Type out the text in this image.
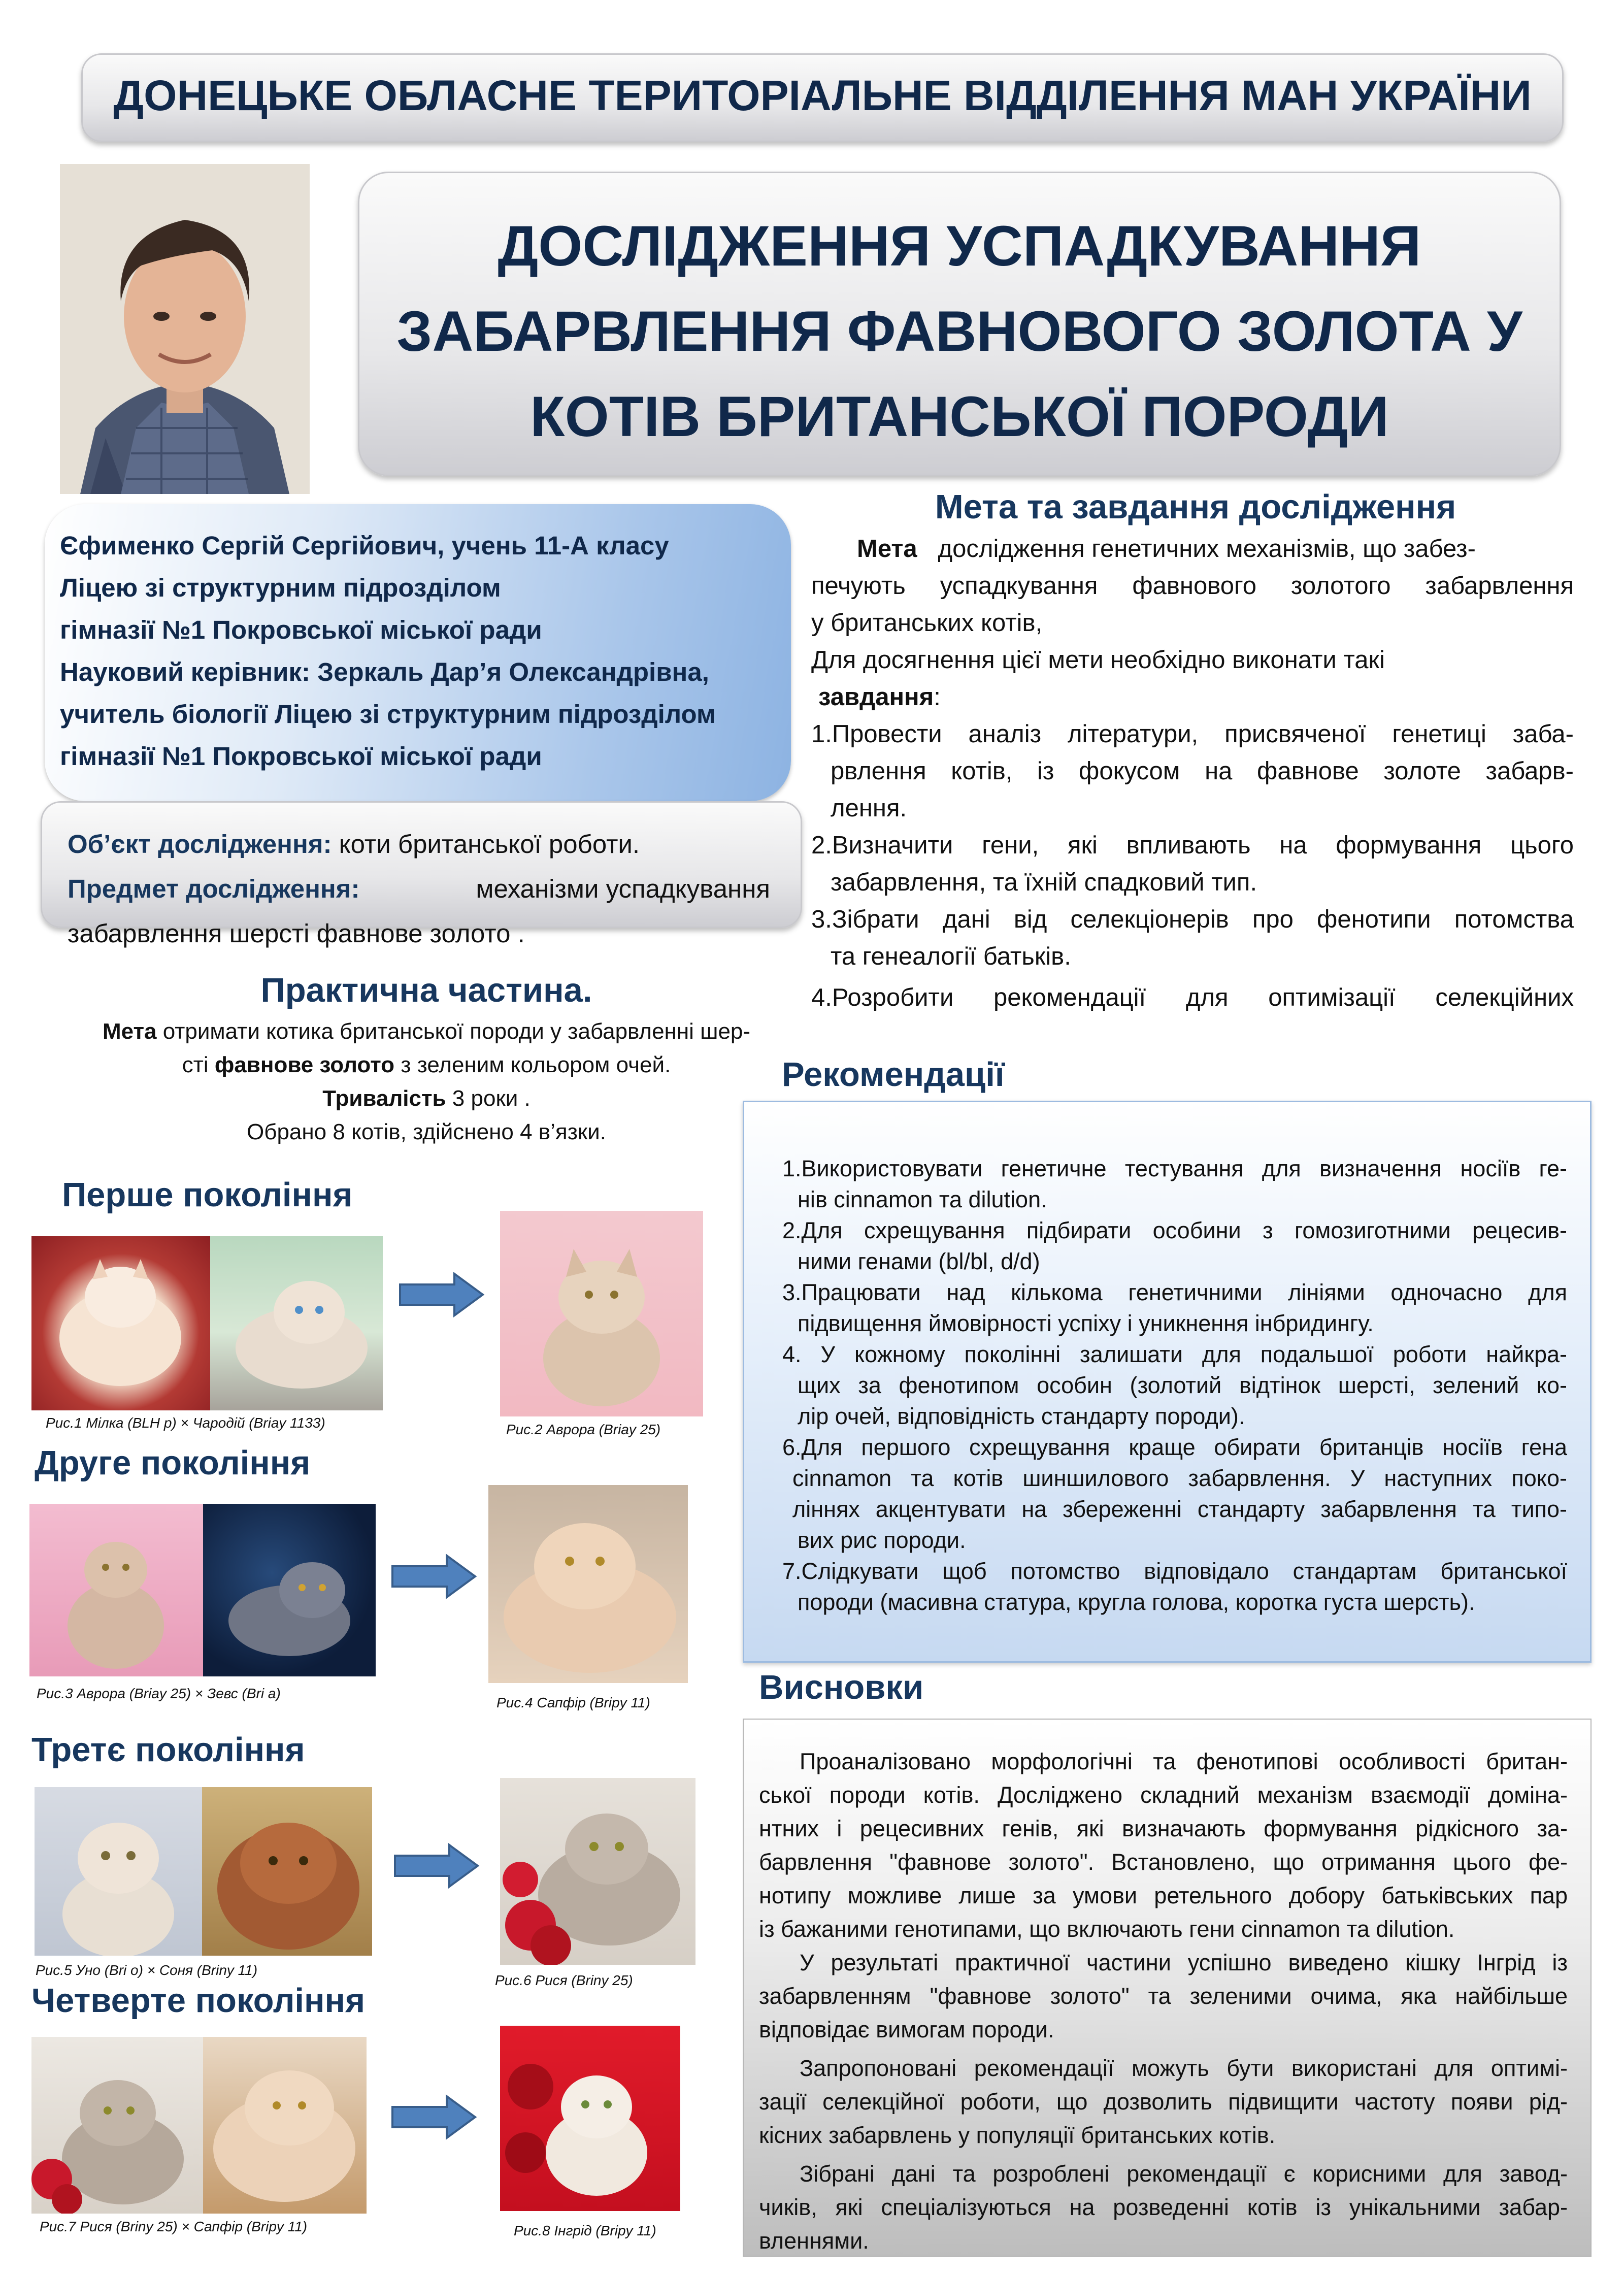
ДОНЕЦЬКЕ ОБЛАСНЕ ТЕРИТОРІАЛЬНЕ ВІДДІЛЕННЯ МАН УКРАЇНИ
ДОСЛІДЖЕННЯ УСПАДКУВАННЯ
ЗАБАРВЛЕННЯ ФАВНОВОГО ЗОЛОТА У
КОТІВ БРИТАНСЬКОЇ ПОРОДИ
Єфименко Сергій Сергійович, учень 11-А класу
Ліцею зі структурним підрозділом
гімназії №1 Покровської міської ради
Науковий керівник: Зеркаль Дар’я Олександрівна,
учитель біології Ліцею зі структурним підрозділом
гімназії №1 Покровської міської ради
Об’єкт дослідження: коти британської роботи.
Предмет дослідження:	механізми успадкування
забарвлення шерсті фавнове золото .
Мета та завдання дослідження
Мета   дослідження генетичних механізмів, що забез-
печують успадкування фавнового золотого забарвлення
у британських котів,
Для досягнення цієї мети необхідно виконати такі
завдання:
1.Провести аналіз літератури, присвяченої генетиці заба-
рвлення котів, із фокусом на фавнове золоте забарв-
лення.
2.Визначити гени, які впливають на формування цього
забарвлення, та їхній спадковий тип.
3.Зібрати дані від селекціонерів про фенотипи потомства
та генеалогії батьків.
4.Розробити рекомендації для оптимізації селекційних
Практична частина.
Мета отримати котика британської породи у забарвленні шер-
сті фавнове золото з зеленим кольором очей.
Тривалість 3 роки .
Обрано 8 котів, здійснено 4 в’язки.
Перше покоління
Рис.1 Мілка (BLH p) × Чародій (Briay 1133)	Рис.2 Аврора (Briay 25)
Друге покоління
Рис.3 Аврора (Briay 25) × Зевс (Bri a)
Рис.4 Сапфір (Bripy 11)
Третє покоління
Рис.5 Уно (Bri o) × Соня (Briny 11)
Рис.6 Рися (Briny 25)
Четверте покоління
Рис.7 Рися (Briny 25) × Сапфір (Bripy 11)	Рис.8 Інгрід (Bripy 11)
Рекомендації
1.Використовувати генетичне тестування для визначення носіїв ге-
нів cinnamon та dilution.
2.Для схрещування підбирати особини з гомозиготними рецесив-
ними генами (bl/bl, d/d)
3.Працювати над кількома генетичними лініями одночасно для
підвищення ймовірності успіху і уникнення інбридингу.
4. У кожному поколінні залишати для подальшої роботи найкра-
щих за фенотипом особин (золотий відтінок шерсті, зелений ко-
лір очей, відповідність стандарту породи).
6.Для першого схрещування краще обирати британців носіїв гена
cinnamon та котів шиншилового забарвлення. У наступних поко-
ліннях акцентувати на збереженні стандарту забарвлення та типо-
вих рис породи.
7.Слідкувати щоб потомство відповідало стандартам британської
породи (масивна статура, кругла голова, коротка густа шерсть).
Висновки
Проаналізовано морфологічні та фенотипові особливості британ-
ської породи котів. Досліджено складний механізм взаємодії доміна-
нтних і рецесивних генів, які визначають формування рідкісного за-
барвлення "фавнове золото". Встановлено, що отримання цього фе-
нотипу можливе лише за умови ретельного добору батьківських пар
із бажаними генотипами, що включають гени cinnamon та dilution.
У результаті практичної частини успішно виведено кішку Інгрід із
забарвленням "фавнове золото" та зеленими очима, яка найбільше
відповідає вимогам породи.
Запропоновані рекомендації можуть бути використані для оптимі-
зації селекційної роботи, що дозволить підвищити частоту появи рід-
кісних забарвлень у популяції британських котів.
Зібрані дані та розроблені рекомендації є корисними для завод-
чиків, які спеціалізуються на розведенні котів із унікальними забар-
вленнями.
